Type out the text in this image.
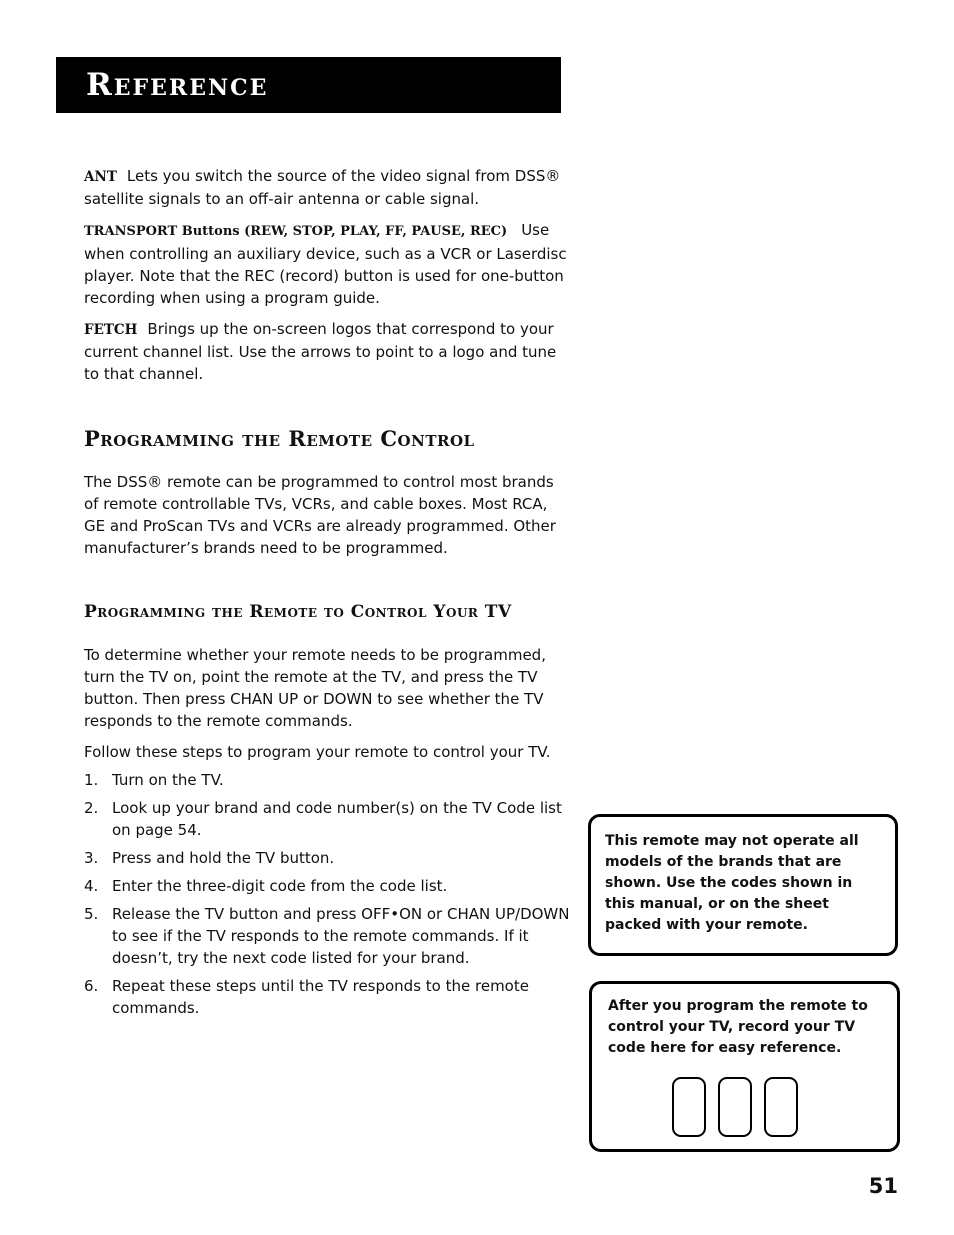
Reference

ANT Lets you switch the source of the video signal from DSS® satellite signals to an off-air antenna or cable signal.

TRANSPORT Buttons (REW, STOP, PLAY, FF, PAUSE, REC) Use when controlling an auxiliary device, such as a VCR or Laserdisc player. Note that the REC (record) button is used for one-button recording when using a program guide.

FETCH Brings up the on-screen logos that correspond to your current channel list. Use the arrows to point to a logo and tune to that channel.

Programming the Remote Control

The DSS® remote can be programmed to control most brands of remote controllable TVs, VCRs, and cable boxes. Most RCA, GE and ProScan TVs and VCRs are already programmed. Other manufacturer’s brands need to be programmed.

Programming the Remote to Control Your TV

To determine whether your remote needs to be programmed, turn the TV on, point the remote at the TV, and press the TV button. Then press CHAN UP or DOWN to see whether the TV responds to the remote commands.

Follow these steps to program your remote to control your TV.

1. Turn on the TV.
2. Look up your brand and code number(s) on the TV Code list on page 54.
3. Press and hold the TV button.
4. Enter the three-digit code from the code list.
5. Release the TV button and press OFF•ON or CHAN UP/DOWN to see if the TV responds to the remote commands. If it doesn’t, try the next code listed for your brand.
6. Repeat these steps until the TV responds to the remote commands.
This remote may not operate all models of the brands that are shown. Use the codes shown in this manual, or on the sheet packed with your remote.
After you program the remote to control your TV, record your TV code here for easy reference.
51
